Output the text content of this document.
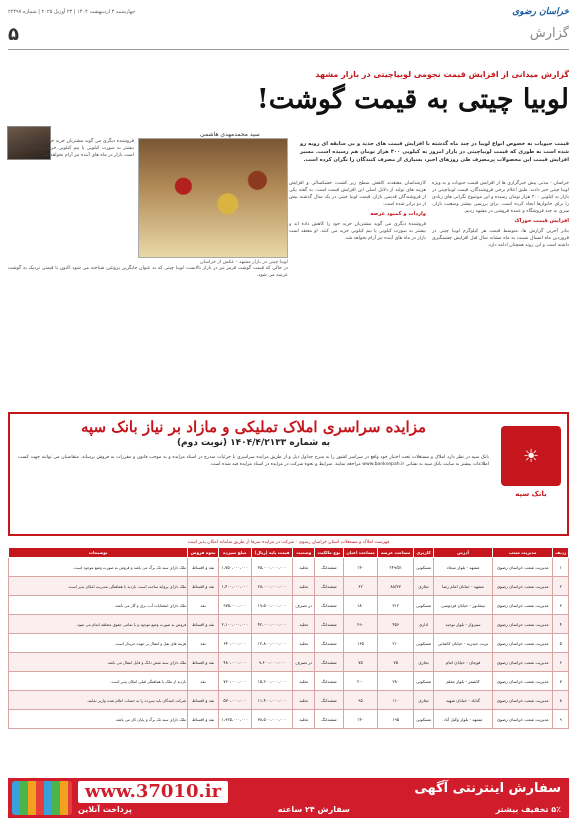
خراسان رضوی
چهارشنبه ۳ اردیبهشت ۱۴۰۴ | ۲۳ آوریل ۲۰۲۵ | شماره ۲۲۴۹۷
گزارش
۵
گزارش میدانی از افزایش قیمت نجومی لوبیاچیتی در بازار مشهد
لوبیا چیتی به قیمت گوشت!
سید محمدمهدی هاشمی
قیمت حبوبات به خصوص انواع لوبیا در چند ماه گذشته با افزایش قیمت های جدید و بی سابقه ای روبه رو شده است به طوری که قیمت لوبیاچیتی در بازار امروز به کیلویی ۴۰۰ هزار تومان هم رسیده است. مسیر افزایش قیمت این محصولات پرمصرف طی روزهای اخیر، بسیاری از مصرف کنندگان را نگران کرده است.
لوبیا چیتی در بازار مشهد - عکس از خراسان

خراسان - مدتی پیش خبرگزاری ها از افزایش قیمت حبوبات و به ویژه لوبیا چیتی خبر دادند. طبق اعلام برخی فروشندگان، قیمت لوبیاچیتی در بازار به کیلویی ۴۰۰ هزار تومان رسیده و این موضوع نگرانی های زیادی را برای خانوارها ایجاد کرده است. برای بررسی بیشتر وضعیت بازار، سری به چند فروشگاه و عمده فروشی در مشهد زدیم.

افزایش قیمت خوراک

بنابر آخرین گزارش ها، متوسط قیمت هر کیلوگرم لوبیا چیتی در فروردین ماه امسال نسبت به ماه مشابه سال قبل افزایش چشمگیری داشته است و این روند همچنان ادامه دارد.

کارشناسان معتقدند کاهش سطح زیر کشت، خشکسالی و افزایش هزینه های تولید از دلایل اصلی این افزایش قیمت است. به گفته یکی از فروشندگان قدیمی بازار، قیمت لوبیا چیتی در یک سال گذشته بیش از دو برابر شده است.

واردات و کمبود عرضه

فروشنده دیگری می گوید مشتریان خرید خود را کاهش داده اند و بیشتر به صورت کیلویی یا نیم کیلویی خرید می کنند. او معتقد است بازار در ماه های آینده نیز آرام نخواهد شد.

در حالی که قیمت گوشت قرمز نیز در بازار بالاست، لوبیا چیتی که به عنوان جایگزین پروتئین شناخته می شود اکنون با قیمتی نزدیک به گوشت عرضه می شود.

فروشنده دیگری می گوید مشتریان خرید خود را کاهش داده اند و بیشتر به صورت کیلویی یا نیم کیلویی خرید می کنند. او معتقد است بازار در ماه های آینده نیز آرام نخواهد شد.

☀
بانک سپه
مزایده سراسری املاک تملیکی و مازاد بر نیاز بانک سپه
به شماره ۱۴۰۴/۴/۲۱۳۳ (نوبت دوم)
بانک سپه در نظر دارد املاک و مستغلات تحت اختیار خود واقع در سراسر کشور را به شرح جداول ذیل و از طریق مزایده سراسری با جزئیات مندرج در اسناد مزایده و به موجب قانون و مقررات به فروش برساند. متقاضیان می توانند جهت کسب اطلاعات بیشتر به سایت بانک سپه به نشانی www.banksepah.ir مراجعه نمایند. شرایط و نحوه شرکت در مزایده در اسناد مزایده قید شده است.
فهرست املاک و مستغلات استان خراسان رضوی - شرکت در مزایده صرفا از طریق سامانه امکان پذیر است
ردیف	مدیریت شعب	آدرس	کاربری	مساحت عرصه	مساحت اعیان	نوع مالکیت	وضعیت	قیمت پایه (ریال)	مبلغ سپرده	نحوه فروش	توضیحات
۱	مدیریت شعب خراسان رضوی	مشهد - بلوار سجاد	مسکونی	۲۴۹/۵۱	۱۴۰	ششدانگ	تخلیه	۳۵،۰۰۰،۰۰۰،۰۰۰	۱،۷۵۰،۰۰۰،۰۰۰	نقد و اقساط	ملک دارای سند تک برگ می باشد و فروش به صورت وضع موجود است.
۲	مدیریت شعب خراسان رضوی	مشهد - خیابان امام رضا	تجاری	۸۸/۳۷	۶۲	ششدانگ	تخلیه	۲۸،۰۰۰،۰۰۰،۰۰۰	۱،۴۰۰،۰۰۰،۰۰۰	نقد و اقساط	ملک دارای پروانه ساخت است. بازدید با هماهنگی مدیریت امکان پذیر است.
۳	مدیریت شعب خراسان رضوی	نیشابور - خیابان فردوسی	مسکونی	۳۱۲	۱۸۰	ششدانگ	در تصرف	۱۹،۵۰۰،۰۰۰،۰۰۰	۹۷۵،۰۰۰،۰۰۰	نقد	ملک دارای انشعابات آب، برق و گاز می باشد.
۴	مدیریت شعب خراسان رضوی	سبزوار - بلوار توحید	اداری	۴۵۶	۲۹۰	ششدانگ	تخلیه	۴۲،۰۰۰،۰۰۰،۰۰۰	۲،۱۰۰،۰۰۰،۰۰۰	نقد و اقساط	فروش به صورت وضع موجود و با تمامی حقوق متعلقه انجام می شود.
۵	مدیریت شعب خراسان رضوی	تربت حیدریه - خیابان کاشانی	مسکونی	۲۱۰	۱۶۵	ششدانگ	تخلیه	۱۲،۸۰۰،۰۰۰،۰۰۰	۶۴۰،۰۰۰،۰۰۰	نقد	هزینه های نقل و انتقال بر عهده خریدار است.
۶	مدیریت شعب خراسان رضوی	قوچان - خیابان امام	تجاری	۷۵	۷۵	ششدانگ	در تصرف	۹،۶۰۰،۰۰۰،۰۰۰	۴۸۰،۰۰۰،۰۰۰	نقد و اقساط	ملک دارای سند شش دانگ و قابل انتقال می باشد.
۷	مدیریت شعب خراسان رضوی	کاشمر - بلوار معلم	مسکونی	۲۸۰	۲۰۰	ششدانگ	تخلیه	۱۵،۲۰۰،۰۰۰،۰۰۰	۷۶۰،۰۰۰،۰۰۰	نقد	بازدید از ملک با هماهنگی قبلی امکان پذیر است.
۸	مدیریت شعب خراسان رضوی	گناباد - خیابان شهید	تجاری	۱۱۰	۹۵	ششدانگ	تخلیه	۱۱،۴۰۰،۰۰۰،۰۰۰	۵۷۰،۰۰۰،۰۰۰	نقد و اقساط	شرکت کنندگان باید سپرده را به حساب اعلام شده واریز نمایند.
۹	مدیریت شعب خراسان رضوی	مشهد - بلوار وکیل آباد	مسکونی	۱۹۵	۱۴۰	ششدانگ	تخلیه	۳۸،۵۰۰،۰۰۰،۰۰۰	۱،۹۲۵،۰۰۰،۰۰۰	نقد و اقساط	ملک دارای سند تک برگ و پایان کار می باشد.
www.37010.ir	سفارش اینترنتی آگهی
۵٪ تخفیف بیشتر
سفارش ۲۴ ساعته
پرداخت آنلاین
